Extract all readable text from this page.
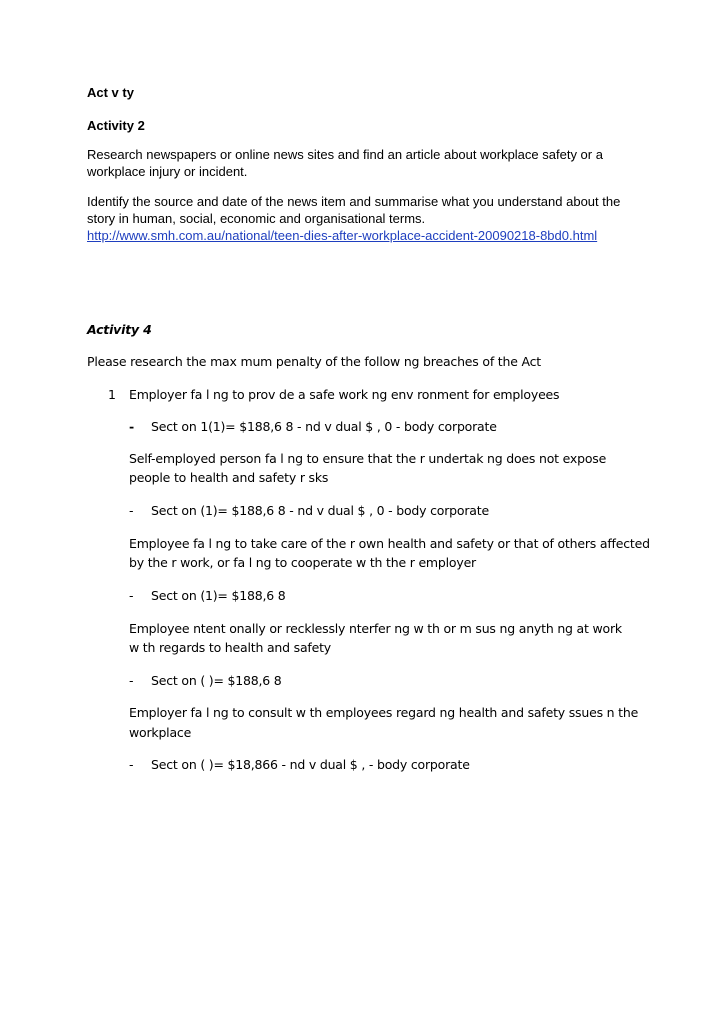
Act v ty
Activity 2
Research newspapers or online news sites and find an article about workplace safety or a
workplace injury or incident.
Identify the source and date of the news item and summarise what you understand about the
story in human, social, economic and organisational terms.
http://www.smh.com.au/national/teen-dies-after-workplace-accident-20090218-8bd0.html
Activity 4
Please research the max mum penalty of the follow ng breaches of the Act
1 Employer fa l ng to prov de a safe work ng env ronment for employees
- Sect on 1(1)= $188,6 8 - nd v dual $ , 0 - body corporate
Self-employed person fa l ng to ensure that the r undertak ng does not expose
people to health and safety r sks
- Sect on (1)= $188,6 8 - nd v dual $ , 0 - body corporate
Employee fa l ng to take care of the r own health and safety or that of others affected
by the r work, or fa l ng to cooperate w th the r employer
- Sect on (1)= $188,6 8
Employee ntent onally or recklessly nterfer ng w th or m sus ng anyth ng at work
w th regards to health and safety
- Sect on ( )= $188,6 8
Employer fa l ng to consult w th employees regard ng health and safety ssues n the
workplace
- Sect on ( )= $18,866 - nd v dual $ , - body corporate
